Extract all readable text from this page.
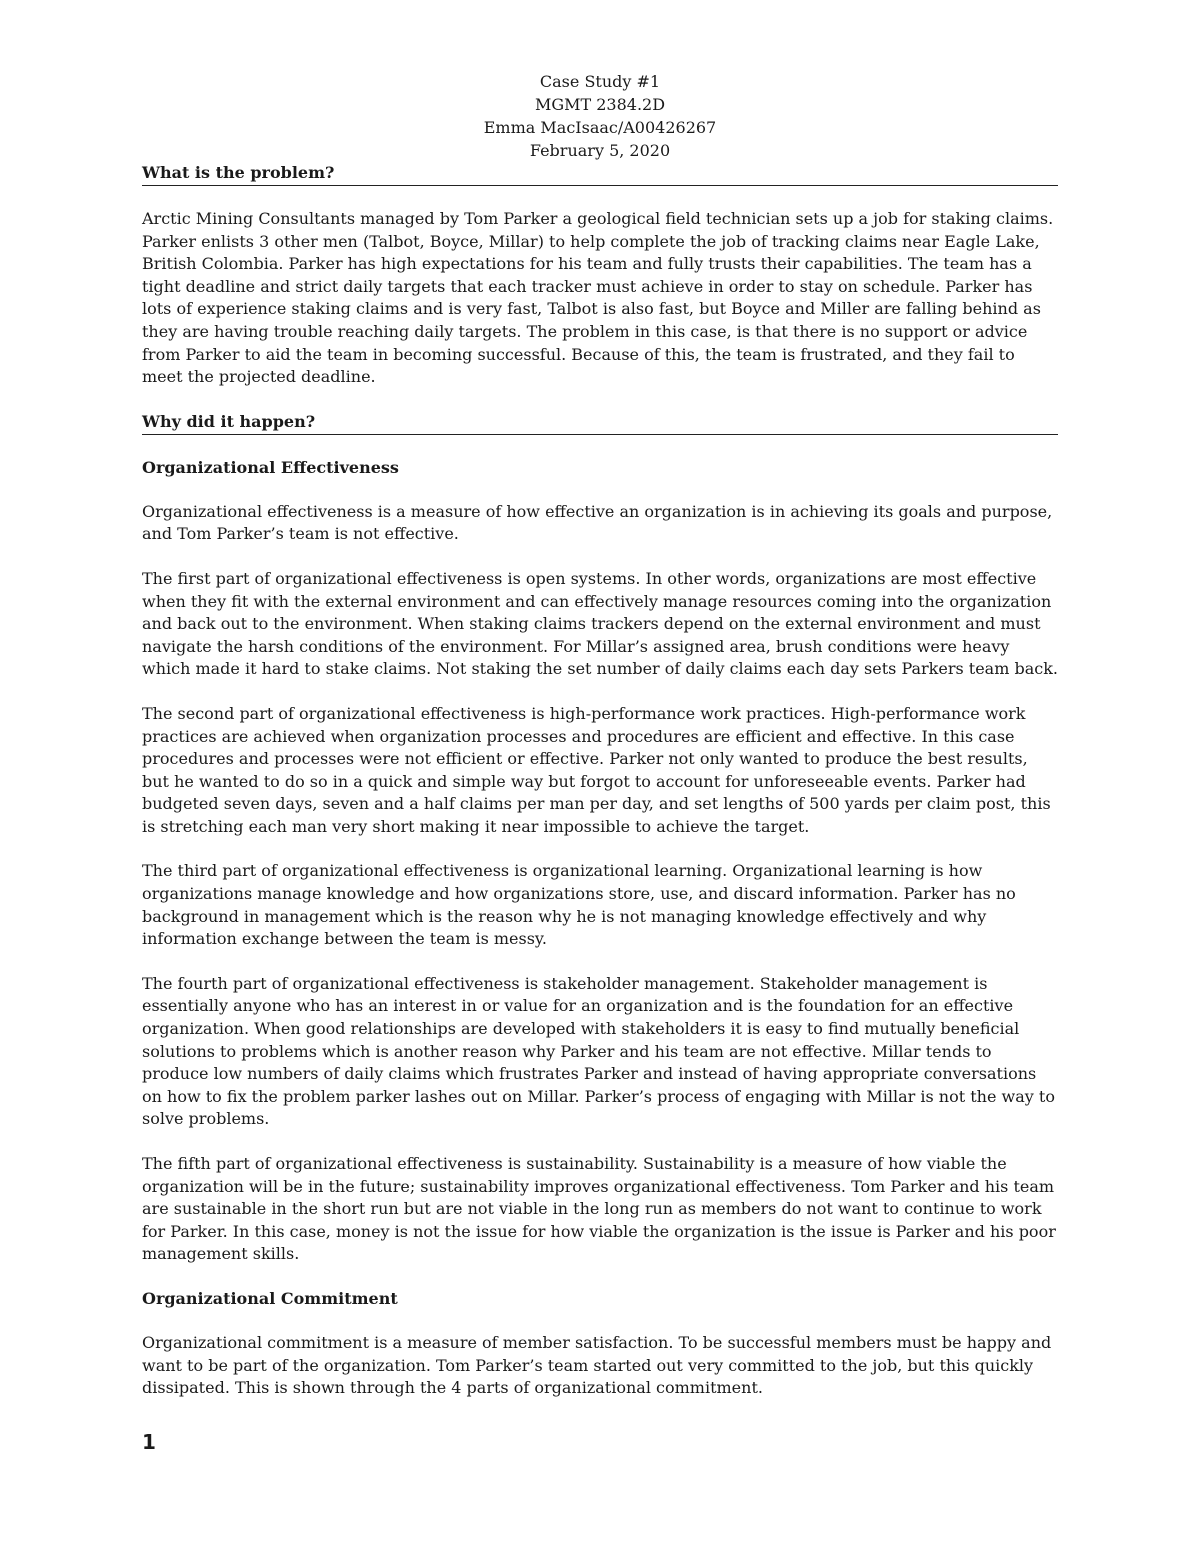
Case Study #1
MGMT 2384.2D
Emma MacIsaac/A00426267
February 5, 2020
What is the problem?

Arctic Mining Consultants managed by Tom Parker a geological field technician sets up a job for staking claims. Parker enlists 3 other men (Talbot, Boyce, Millar) to help complete the job of tracking claims near Eagle Lake, British Colombia. Parker has high expectations for his team and fully trusts their capabilities. The team has a tight deadline and strict daily targets that each tracker must achieve in order to stay on schedule. Parker has lots of experience staking claims and is very fast, Talbot is also fast, but Boyce and Miller are falling behind as they are having trouble reaching daily targets. The problem in this case, is that there is no support or advice from Parker to aid the team in becoming successful. Because of this, the team is frustrated, and they fail to meet the projected deadline.

Why did it happen?
Organizational Effectiveness

Organizational effectiveness is a measure of how effective an organization is in achieving its goals and purpose, and Tom Parker’s team is not effective.

The first part of organizational effectiveness is open systems. In other words, organizations are most effective when they fit with the external environment and can effectively manage resources coming into the organization and back out to the environment. When staking claims trackers depend on the external environment and must navigate the harsh conditions of the environment. For Millar’s assigned area, brush conditions were heavy which made it hard to stake claims. Not staking the set number of daily claims each day sets Parkers team back.

The second part of organizational effectiveness is high-performance work practices. High-performance work practices are achieved when organization processes and procedures are efficient and effective. In this case procedures and processes were not efficient or effective. Parker not only wanted to produce the best results, but he wanted to do so in a quick and simple way but forgot to account for unforeseeable events. Parker had budgeted seven days, seven and a half claims per man per day, and set lengths of 500 yards per claim post, this is stretching each man very short making it near impossible to achieve the target.

The third part of organizational effectiveness is organizational learning. Organizational learning is how organizations manage knowledge and how organizations store, use, and discard information. Parker has no background in management which is the reason why he is not managing knowledge effectively and why information exchange between the team is messy.

The fourth part of organizational effectiveness is stakeholder management. Stakeholder management is essentially anyone who has an interest in or value for an organization and is the foundation for an effective organization. When good relationships are developed with stakeholders it is easy to find mutually beneficial solutions to problems which is another reason why Parker and his team are not effective. Millar tends to produce low numbers of daily claims which frustrates Parker and instead of having appropriate conversations on how to fix the problem parker lashes out on Millar. Parker’s process of engaging with Millar is not the way to solve problems.

The fifth part of organizational effectiveness is sustainability. Sustainability is a measure of how viable the organization will be in the future; sustainability improves organizational effectiveness. Tom Parker and his team are sustainable in the short run but are not viable in the long run as members do not want to continue to work for Parker. In this case, money is not the issue for how viable the organization is the issue is Parker and his poor management skills.

Organizational Commitment

Organizational commitment is a measure of member satisfaction. To be successful members must be happy and want to be part of the organization. Tom Parker’s team started out very committed to the job, but this quickly dissipated. This is shown through the 4 parts of organizational commitment.

1
